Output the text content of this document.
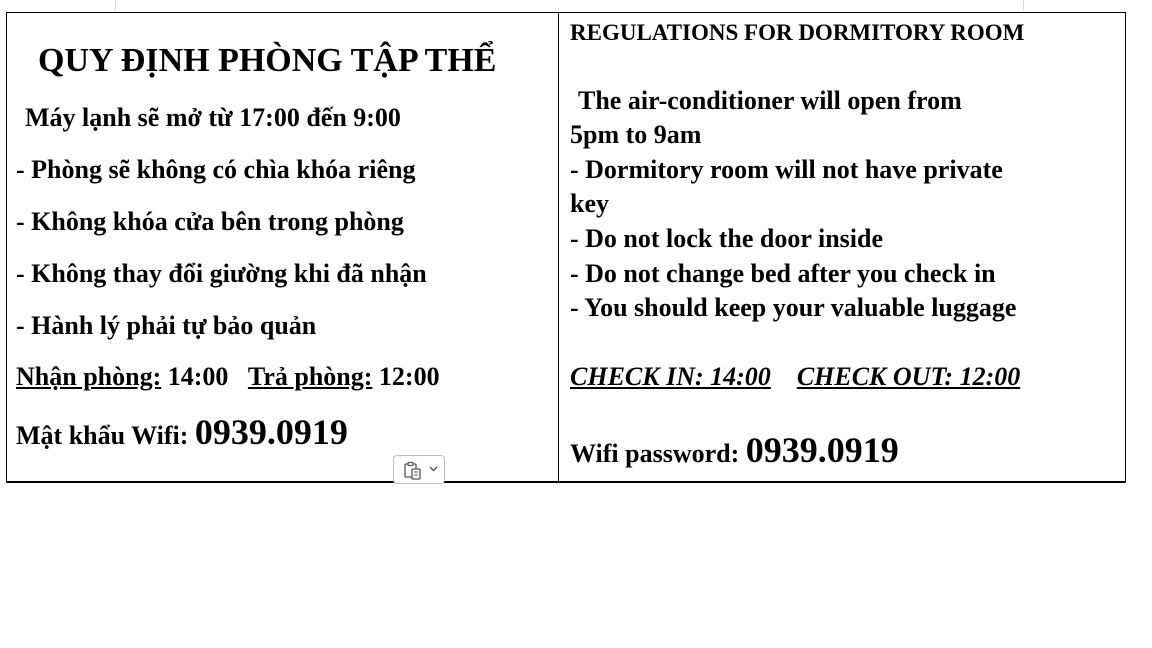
QUY ĐỊNH PHÒNG TẬP THỂ
Máy lạnh sẽ mở từ 17:00 đến 9:00
- Phòng sẽ không có chìa khóa riêng
- Không khóa cửa bên trong phòng
- Không thay đổi giường khi đã nhận
- Hành lý phải tự bảo quản
Nhận phòng: 14:00 Trả phòng: 12:00
Mật khẩu Wifi: 0939.0919
REGULATIONS FOR DORMITORY ROOM
The air-conditioner will open from
5pm to 9am
- Dormitory room will not have private
key
- Do not lock the door inside
- Do not change bed after you check in
- You should keep your valuable luggage
CHECK IN: 14:00 CHECK OUT: 12:00
Wifi password: 0939.0919
